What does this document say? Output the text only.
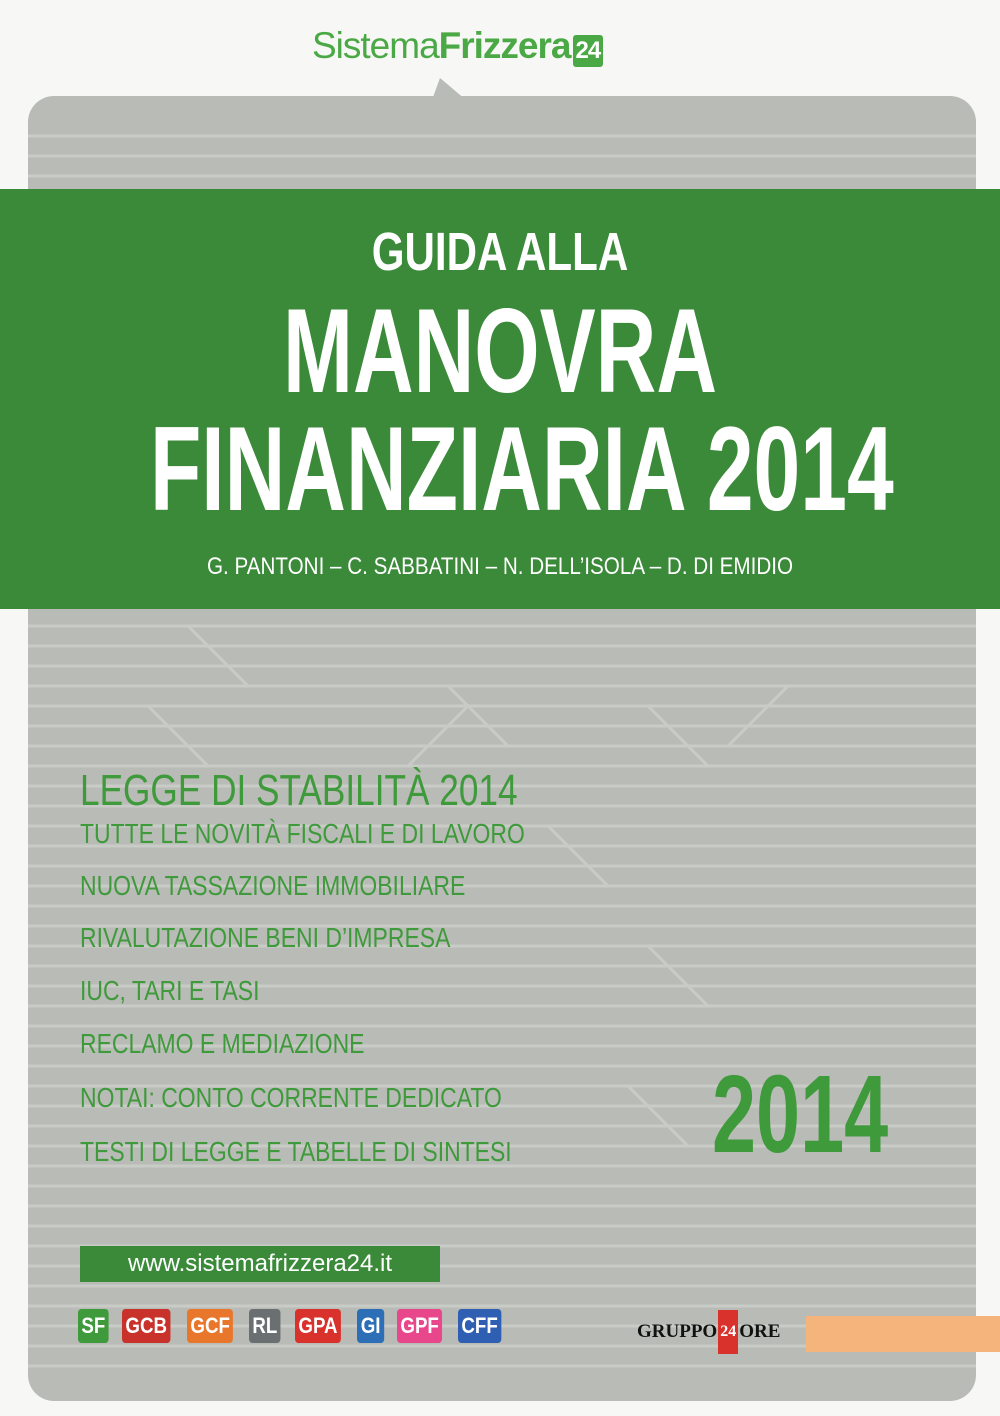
Sistema Frizzera 24
GUIDA ALLA
MANOVRA
FINANZIARIA 2014
G. PANTONI – C. SABBATINI – N. DELL’ISOLA – D. DI EMIDIO
LEGGE DI STABILITÀ 2014
TUTTE LE NOVITÀ FISCALI E DI LAVORO
NUOVA TASSAZIONE IMMOBILIARE
RIVALUTAZIONE BENI D’IMPRESA
IUC, TARI E TASI
RECLAMO E MEDIAZIONE
NOTAI: CONTO CORRENTE DEDICATO
TESTI DI LEGGE E TABELLE DI SINTESI 2014
www.sistemafrizzera24.it
SF GCB GCF RL GPA GI GPF CFF	GRUPPO 24 ORE
